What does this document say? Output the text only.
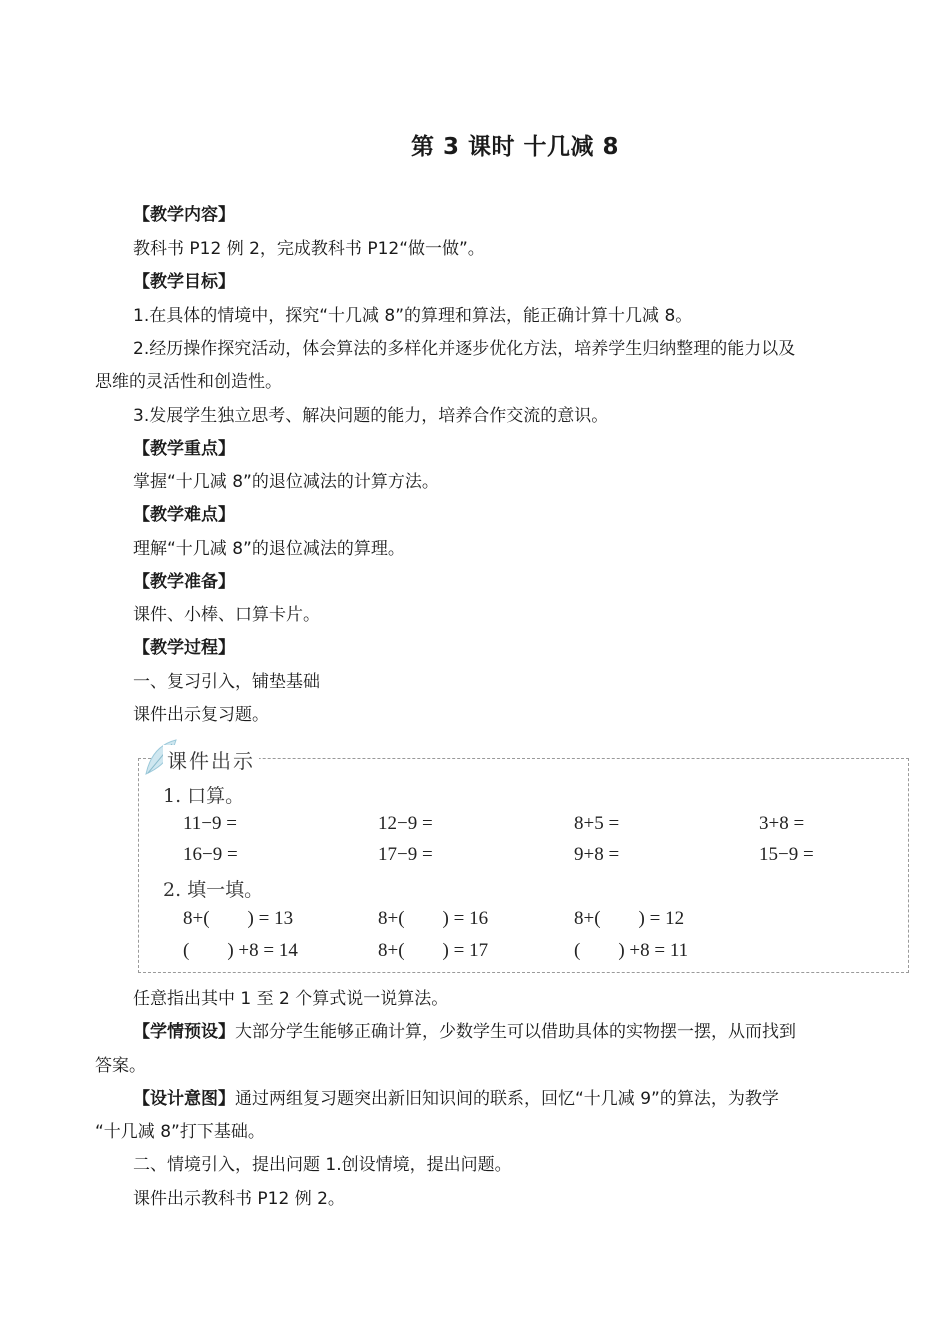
第 3 课时 十几减 8
【教学内容】
教科书 P12 例 2，完成教科书 P12“做一做”。
【教学目标】
1.在具体的情境中，探究“十几减 8”的算理和算法，能正确计算十几减 8。
2.经历操作探究活动，体会算法的多样化并逐步优化方法，培养学生归纳整理的能力以及
思维的灵活性和创造性。
3.发展学生独立思考、解决问题的能力，培养合作交流的意识。
【教学重点】
掌握“十几减 8”的退位减法的计算方法。
【教学难点】
理解“十几减 8”的退位减法的算理。
【教学准备】
课件、小棒、口算卡片。
【教学过程】
一、复习引入，铺垫基础
课件出示复习题。
课件出示
1. 口算。
11−9 =	12−9 =	8+5 =	3+8 =
16−9 =	17−9 =	9+8 =	15−9 =
2. 填一填。
8+(        ) = 13	8+(        ) = 16	8+(        ) = 12
(        ) +8 = 14	8+(        ) = 17	(        ) +8 = 11
任意指出其中 1 至 2 个算式说一说算法。
【学情预设】大部分学生能够正确计算，少数学生可以借助具体的实物摆一摆，从而找到
答案。
【设计意图】通过两组复习题突出新旧知识间的联系，回忆“十几减 9”的算法，为教学
“十几减 8”打下基础。
二、情境引入，提出问题 1.创设情境，提出问题。
课件出示教科书 P12 例 2。
